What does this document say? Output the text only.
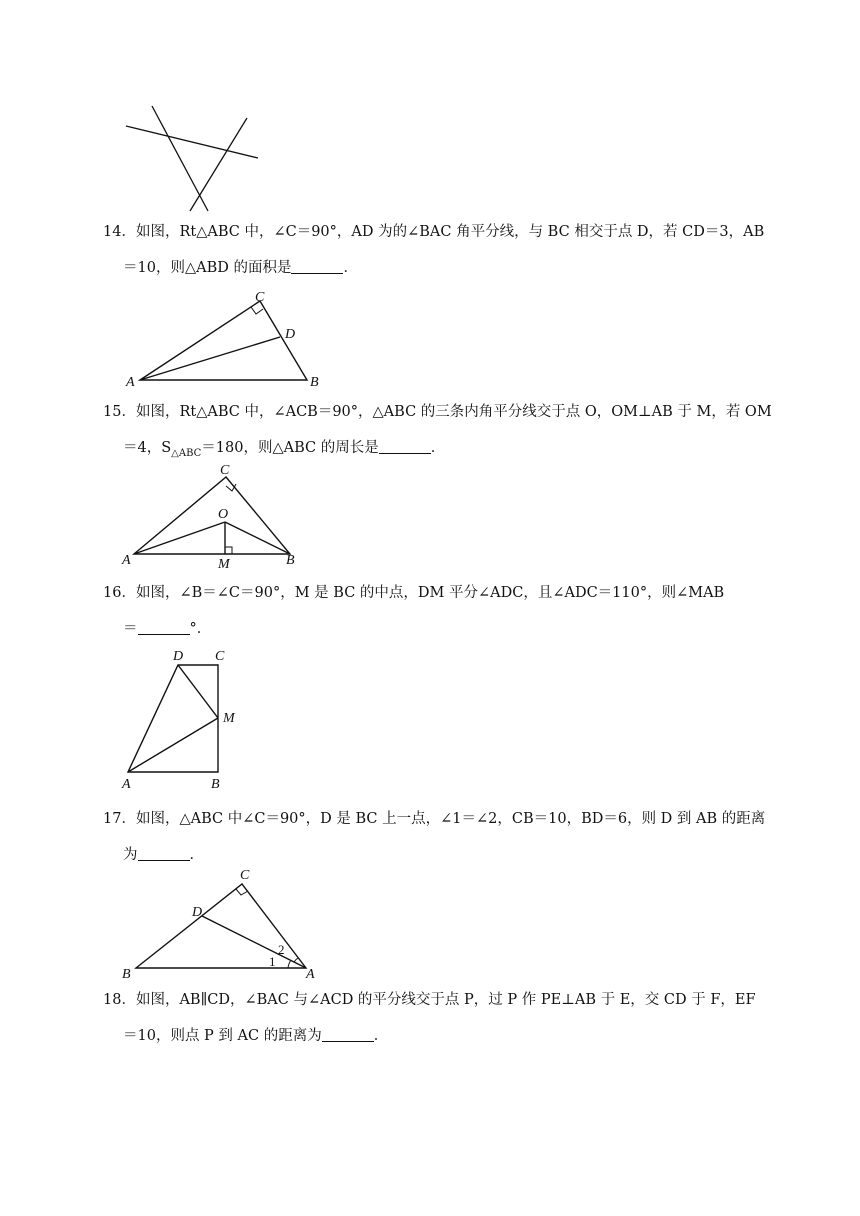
14．如图，Rt△ABC 中，∠C＝90°，AD 为的∠BAC 角平分线，与 BC 相交于点 D，若 CD＝3，AB
＝10，则△ABD 的面积是	．
A	B
C
D
15．如图，Rt△ABC 中，∠ACB＝90°，△ABC 的三条内角平分线交于点 O，OM⊥AB 于 M，若 OM
＝4，$S_{\triangle ABC}=180$，则△ABC 的周长是	．
A	B
C
O
M
16．如图，∠B＝∠C＝90°，M 是 BC 的中点，DM 平分∠ADC，且∠ADC＝110°，则∠MAB
＝	°．
A	B
C
D
M
17．如图，△ABC 中∠C＝90°，D 是 BC 上一点，∠1＝∠2，CB＝10，BD＝6，则 D 到 AB 的距离
为	．
B	A
C
D
1
2
18．如图，AB∥CD，∠BAC 与∠ACD 的平分线交于点 P，过 P 作 PE⊥AB 于 E，交 CD 于 F，EF
＝10，则点 P 到 AC 的距离为	．
